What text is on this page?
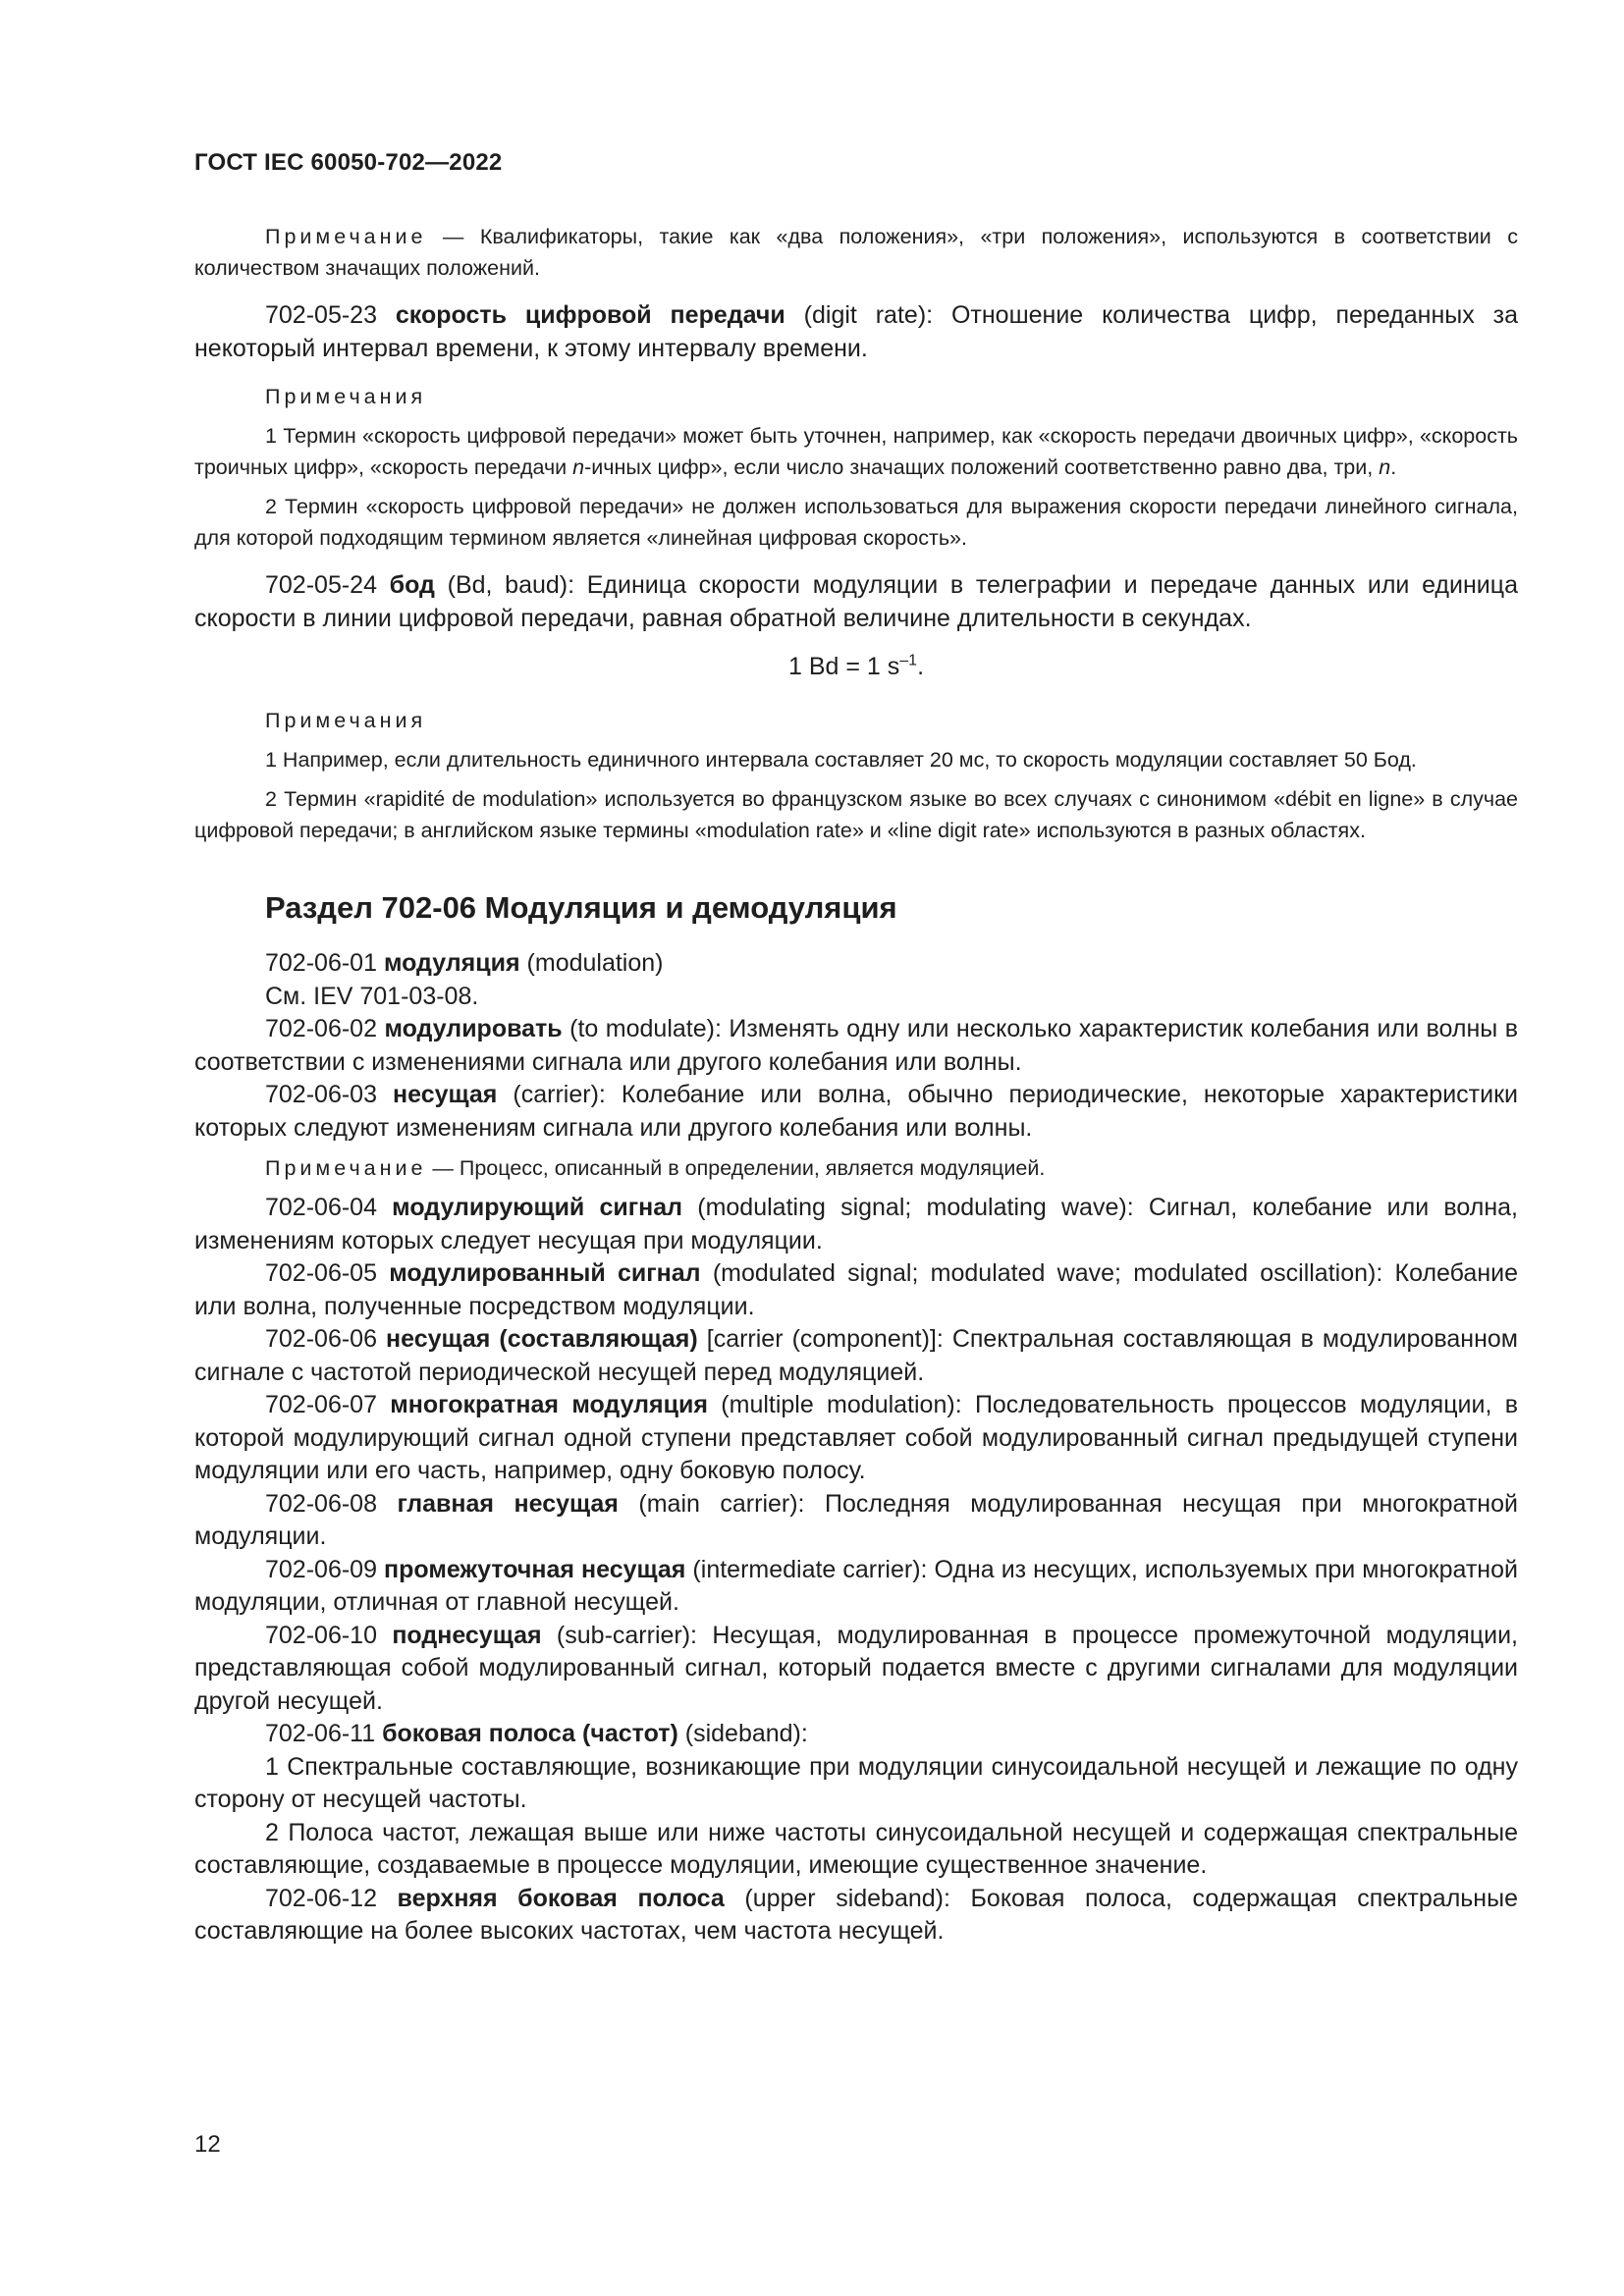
ГОСТ IEC 60050-702—2022

Примечание — Квалификаторы, такие как «два положения», «три положения», используются в соответствии с количеством значащих положений.

702-05-23 скорость цифровой передачи (digit rate): Отношение количества цифр, переданных за некоторый интервал времени, к этому интервалу времени.

Примечания

1 Термин «скорость цифровой передачи» может быть уточнен, например, как «скорость передачи двоичных цифр», «скорость троичных цифр», «скорость передачи n-ичных цифр», если число значащих положений соответственно равно два, три, n.

2 Термин «скорость цифровой передачи» не должен использоваться для выражения скорости передачи линейного сигнала, для которой подходящим термином является «линейная цифровая скорость».

702-05-24 бод (Bd, baud): Единица скорости модуляции в телеграфии и передаче данных или единица скорости в линии цифровой передачи, равная обратной величине длительности в секундах.

1 Bd = 1 $s^{-1}$.

Примечания

1 Например, если длительность единичного интервала составляет 20 мс, то скорость модуляции составляет 50 Бод.

2 Термин «rapidité de modulation» используется во французском языке во всех случаях с синонимом «débit en ligne» в случае цифровой передачи; в английском языке термины «modulation rate» и «line digit rate» используются в разных областях.

Раздел 702-06 Модуляция и демодуляция

702-06-01 модуляция (modulation)

См. IEV 701-03-08.

702-06-02 модулировать (to modulate): Изменять одну или несколько характеристик колебания или волны в соответствии с изменениями сигнала или другого колебания или волны.

702-06-03 несущая (carrier): Колебание или волна, обычно периодические, некоторые характеристики которых следуют изменениям сигнала или другого колебания или волны.

Примечание — Процесс, описанный в определении, является модуляцией.

702-06-04 модулирующий сигнал (modulating signal; modulating wave): Сигнал, колебание или волна, изменениям которых следует несущая при модуляции.

702-06-05 модулированный сигнал (modulated signal; modulated wave; modulated oscillation): Колебание или волна, полученные посредством модуляции.

702-06-06 несущая (составляющая) [carrier (component)]: Спектральная составляющая в модулированном сигнале с частотой периодической несущей перед модуляцией.

702-06-07 многократная модуляция (multiple modulation): Последовательность процессов модуляции, в которой модулирующий сигнал одной ступени представляет собой модулированный сигнал предыдущей ступени модуляции или его часть, например, одну боковую полосу.

702-06-08 главная несущая (main carrier): Последняя модулированная несущая при многократной модуляции.

702-06-09 промежуточная несущая (intermediate carrier): Одна из несущих, используемых при многократной модуляции, отличная от главной несущей.

702-06-10 поднесущая (sub-carrier): Несущая, модулированная в процессе промежуточной модуляции, представляющая собой модулированный сигнал, который подается вместе с другими сигналами для модуляции другой несущей.

702-06-11 боковая полоса (частот) (sideband):

1 Спектральные составляющие, возникающие при модуляции синусоидальной несущей и лежащие по одну сторону от несущей частоты.

2 Полоса частот, лежащая выше или ниже частоты синусоидальной несущей и содержащая спектральные составляющие, создаваемые в процессе модуляции, имеющие существенное значение.

702-06-12 верхняя боковая полоса (upper sideband): Боковая полоса, содержащая спектральные составляющие на более высоких частотах, чем частота несущей.

12
